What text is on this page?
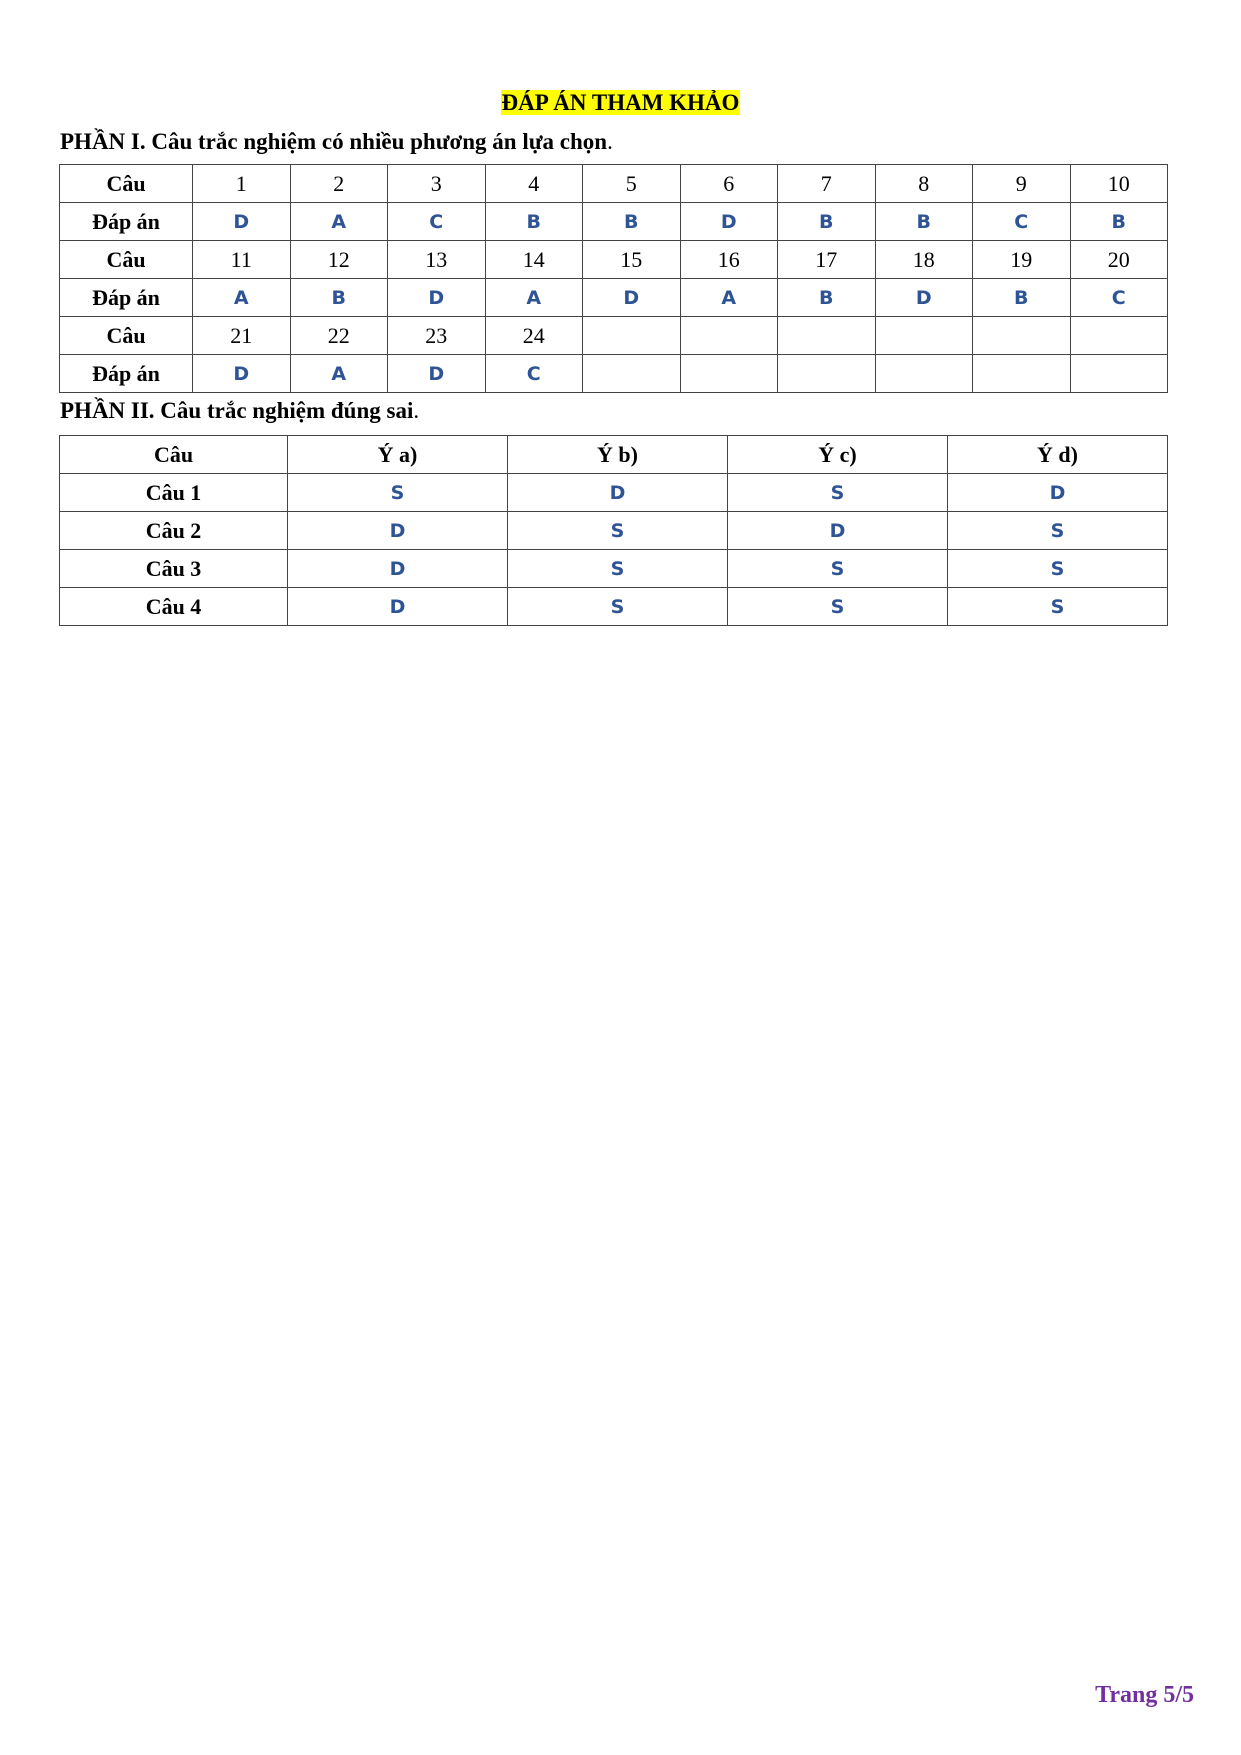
ĐÁP ÁN THAM KHẢO
PHẦN I. Câu trắc nghiệm có nhiều phương án lựa chọn.
Câu	1	2	3	4	5	6	7	8	9	10
Đáp án	D	A	C	B	B	D	B	B	C	B
Câu	11	12	13	14	15	16	17	18	19	20
Đáp án	A	B	D	A	D	A	B	D	B	C
Câu	21	22	23	24						
Đáp án	D	A	D	C						
PHẦN II. Câu trắc nghiệm đúng sai.
Câu	Ý a)	Ý b)	Ý c)	Ý d)
Câu 1	S	D	S	D
Câu 2	D	S	D	S
Câu 3	D	S	S	S
Câu 4	D	S	S	S
Trang 5/5
